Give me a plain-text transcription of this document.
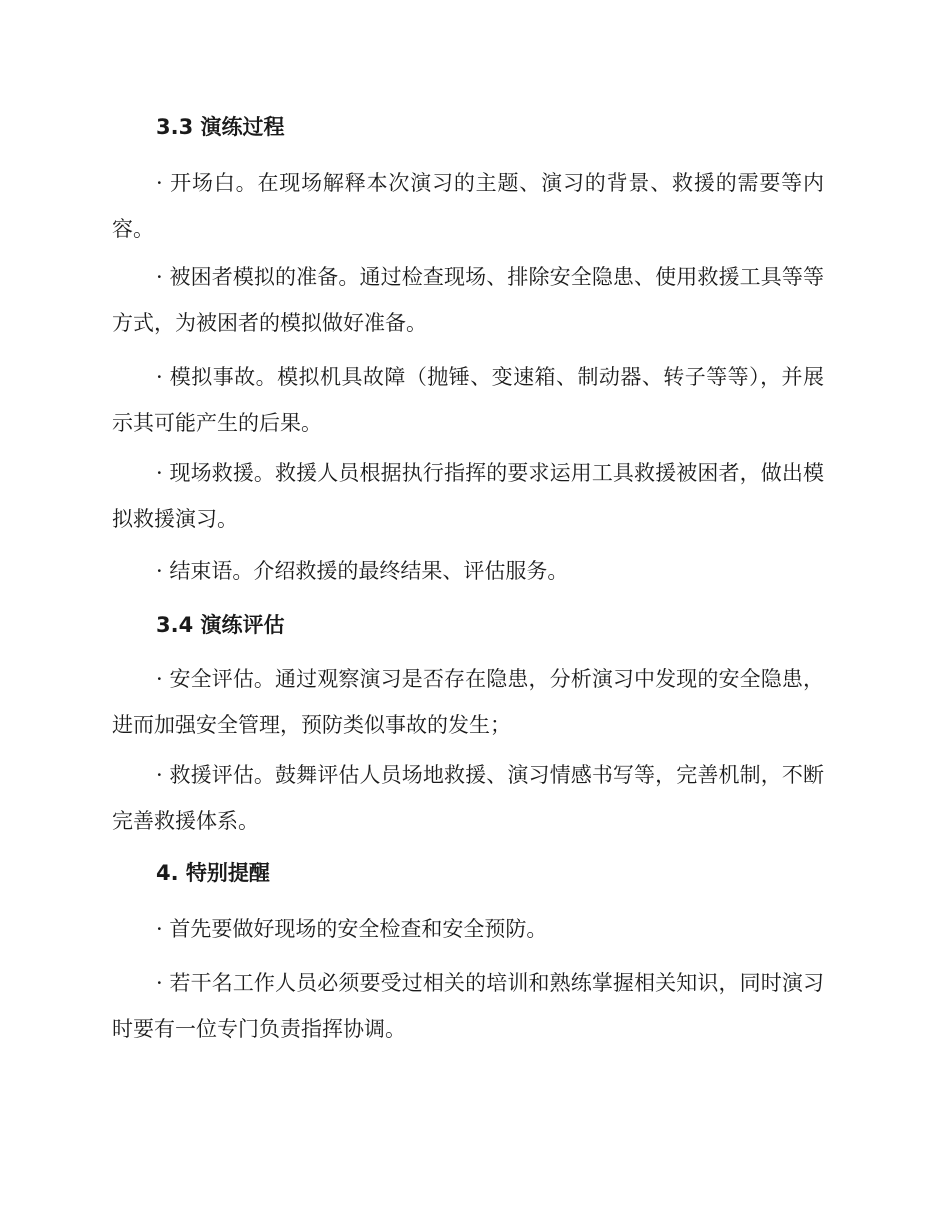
3.3 演练过程

· 开场白。在现场解释本次演习的主题、演习的背景、救援的需要等内容。

· 被困者模拟的准备。通过检查现场、排除安全隐患、使用救援工具等等方式，为被困者的模拟做好准备。

· 模拟事故。模拟机具故障（抛锤、变速箱、制动器、转子等等），并展示其可能产生的后果。

· 现场救援。救援人员根据执行指挥的要求运用工具救援被困者，做出模拟救援演习。

· 结束语。介绍救援的最终结果、评估服务。

3.4 演练评估

· 安全评估。通过观察演习是否存在隐患，分析演习中发现的安全隐患，进而加强安全管理，预防类似事故的发生；

· 救援评估。鼓舞评估人员场地救援、演习情感书写等，完善机制，不断完善救援体系。

4. 特别提醒

· 首先要做好现场的安全检查和安全预防。

· 若干名工作人员必须要受过相关的培训和熟练掌握相关知识，同时演习时要有一位专门负责指挥协调。
